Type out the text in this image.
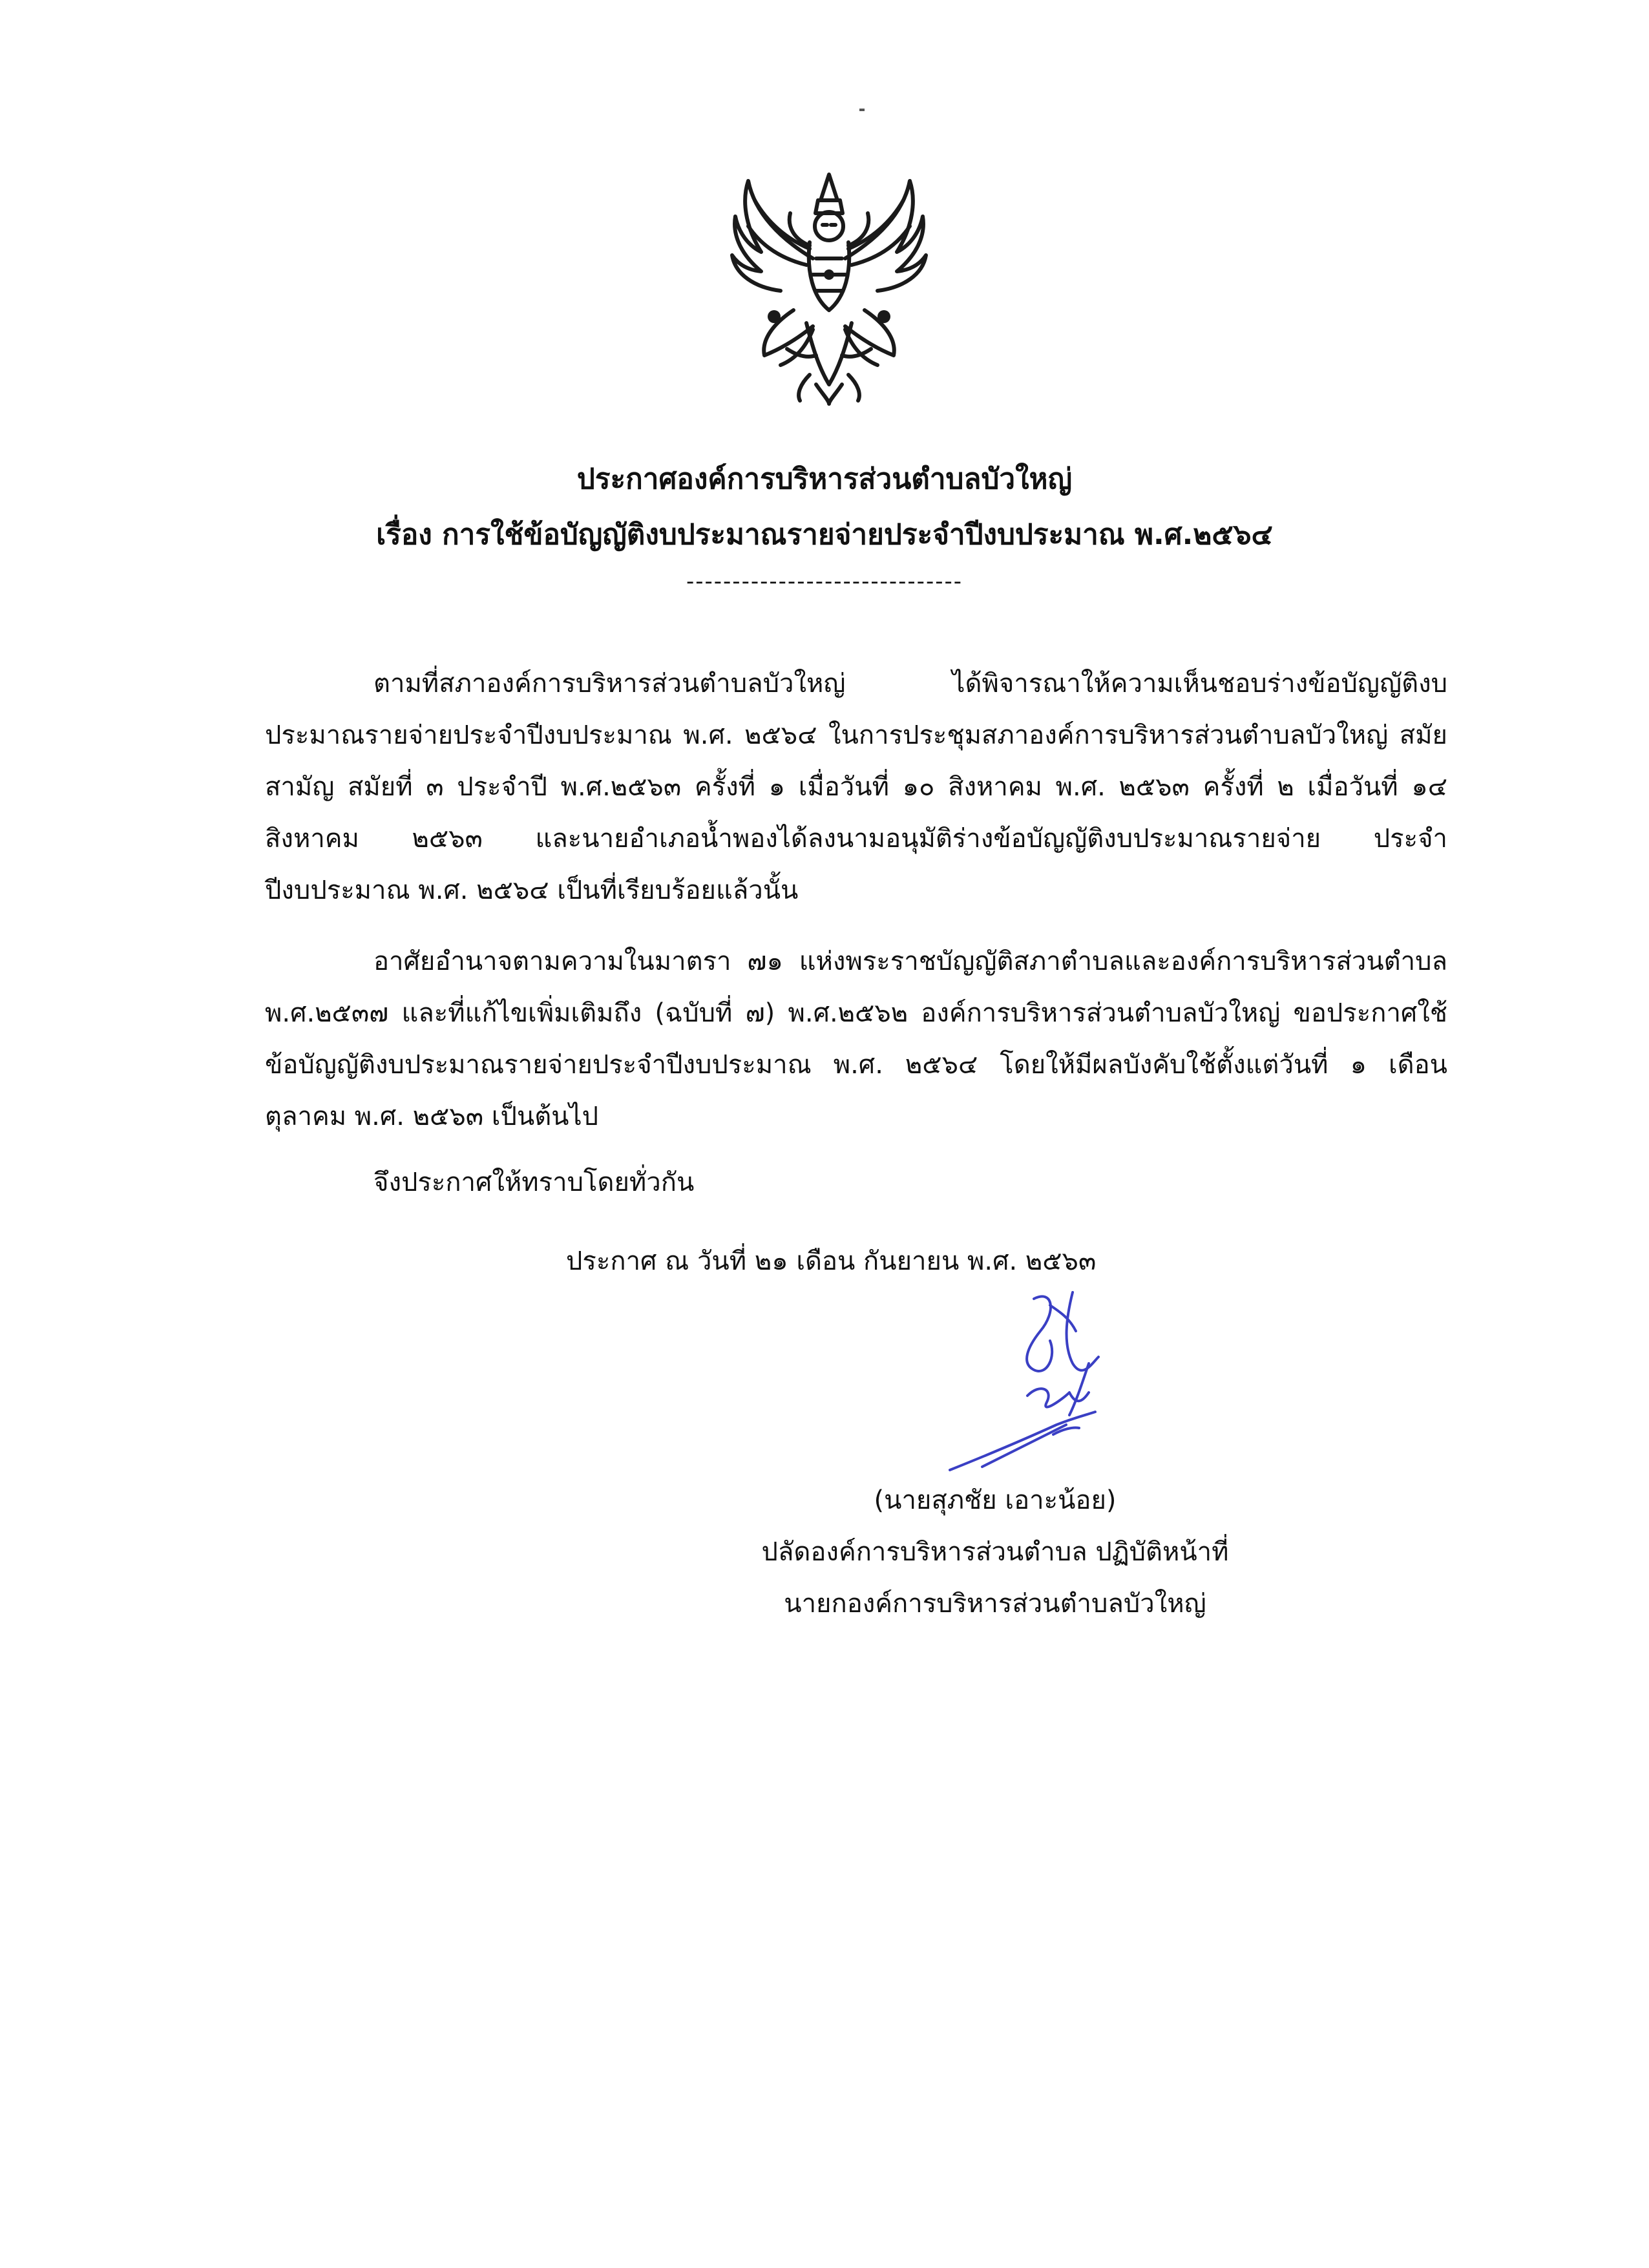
ประกาศองค์การบริหารส่วนตำบลบัวใหญ่
เรื่อง การใช้ข้อบัญญัติงบประมาณรายจ่ายประจำปีงบประมาณ พ.ศ.๒๕๖๔
------------------------------

ตามที่สภาองค์การบริหารส่วนตำบลบัวใหญ่ ได้พิจารณาให้ความเห็นชอบร่างข้อบัญญัติงบประมาณรายจ่ายประจำปีงบประมาณ พ.ศ. ๒๕๖๔ ในการประชุมสภาองค์การบริหารส่วนตำบลบัวใหญ่ สมัยสามัญ สมัยที่ ๓ ประจำปี พ.ศ.๒๕๖๓ ครั้งที่ ๑ เมื่อวันที่ ๑๐ สิงหาคม พ.ศ. ๒๕๖๓ ครั้งที่ ๒ เมื่อวันที่ ๑๔ สิงหาคม ๒๕๖๓ และนายอำเภอน้ำพองได้ลงนามอนุมัติร่างข้อบัญญัติงบประมาณรายจ่าย ประจำปีงบประมาณ พ.ศ. ๒๕๖๔ เป็นที่เรียบร้อยแล้วนั้น

อาศัยอำนาจตามความในมาตรา ๗๑ แห่งพระราชบัญญัติสภาตำบลและองค์การบริหารส่วนตำบล พ.ศ.๒๕๓๗ และที่แก้ไขเพิ่มเติมถึง (ฉบับที่ ๗) พ.ศ.๒๕๖๒ องค์การบริหารส่วนตำบลบัวใหญ่ ขอประกาศใช้ข้อบัญญัติงบประมาณรายจ่ายประจำปีงบประมาณ พ.ศ. ๒๕๖๔ โดยให้มีผลบังคับใช้ตั้งแต่วันที่ ๑ เดือน ตุลาคม พ.ศ. ๒๕๖๓ เป็นต้นไป

จึงประกาศให้ทราบโดยทั่วกัน
ประกาศ ณ วันที่ ๒๑ เดือน กันยายน พ.ศ. ๒๕๖๓
(นายสุภชัย เอาะน้อย)
ปลัดองค์การบริหารส่วนตำบล ปฏิบัติหน้าที่
นายกองค์การบริหารส่วนตำบลบัวใหญ่
